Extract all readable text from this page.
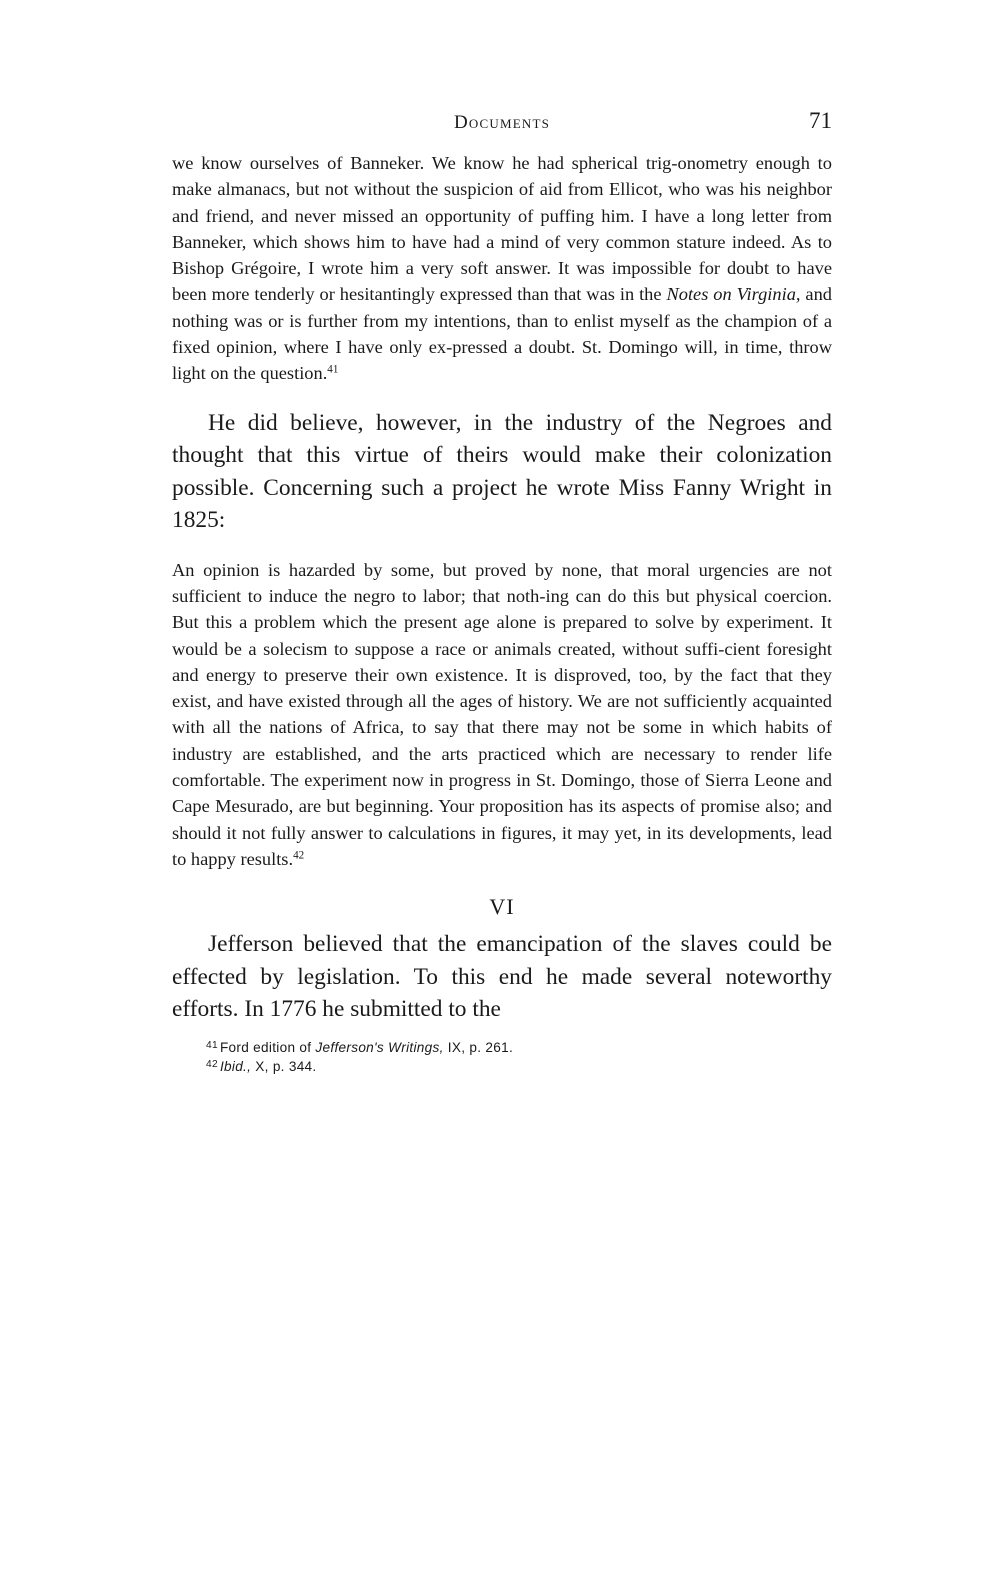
Documents	71

we know ourselves of Banneker. We know he had spherical trig-onometry enough to make almanacs, but not without the suspicion of aid from Ellicot, who was his neighbor and friend, and never missed an opportunity of puffing him. I have a long letter from Banneker, which shows him to have had a mind of very common stature indeed. As to Bishop Grégoire, I wrote him a very soft answer. It was impossible for doubt to have been more tenderly or hesitantingly expressed than that was in the Notes on Virginia, and nothing was or is further from my intentions, than to enlist myself as the champion of a fixed opinion, where I have only ex-pressed a doubt. St. Domingo will, in time, throw light on the question.$^{41}$

He did believe, however, in the industry of the Negroes and thought that this virtue of theirs would make their colonization possible. Concerning such a project he wrote Miss Fanny Wright in 1825:

An opinion is hazarded by some, but proved by none, that moral urgencies are not sufficient to induce the negro to labor; that noth-ing can do this but physical coercion. But this a problem which the present age alone is prepared to solve by experiment. It would be a solecism to suppose a race or animals created, without suffi-cient foresight and energy to preserve their own existence. It is disproved, too, by the fact that they exist, and have existed through all the ages of history. We are not sufficiently acquainted with all the nations of Africa, to say that there may not be some in which habits of industry are established, and the arts practiced which are necessary to render life comfortable. The experiment now in progress in St. Domingo, those of Sierra Leone and Cape Mesurado, are but beginning. Your proposition has its aspects of promise also; and should it not fully answer to calculations in figures, it may yet, in its developments, lead to happy results.$^{42}$

VI

Jefferson believed that the emancipation of the slaves could be effected by legislation. To this end he made several noteworthy efforts. In 1776 he submitted to the

$^{41}$ Ford edition of Jefferson's Writings, IX, p. 261.
$^{42}$ Ibid., X, p. 344.
